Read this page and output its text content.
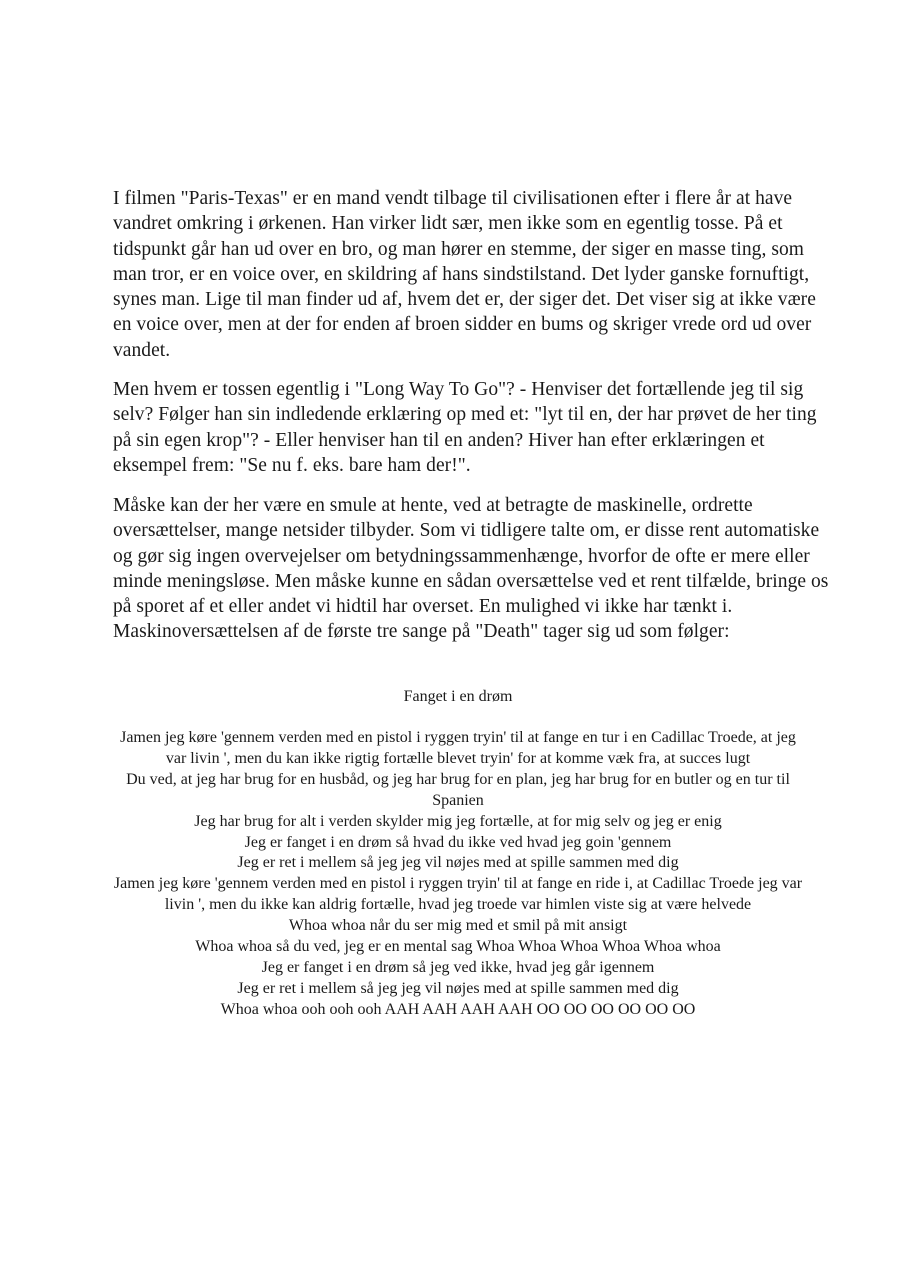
I filmen "Paris-Texas" er en mand vendt tilbage til civilisationen efter i flere år at have vandret omkring i ørkenen. Han virker lidt sær, men ikke som en egentlig tosse. På et tidspunkt går han ud over en bro, og man hører en stemme, der siger en masse ting, som man tror, er en voice over, en skildring af hans sindstilstand. Det lyder ganske fornuftigt, synes man. Lige til man finder ud af, hvem det er, der siger det. Det viser sig at ikke være en voice over, men at der for enden af broen sidder en bums og skriger vrede ord ud over vandet.

Men hvem er tossen egentlig i "Long Way To Go"? - Henviser det fortællende jeg til sig selv? Følger han sin indledende erklæring op med et: "lyt til en, der har prøvet de her ting på sin egen krop"? - Eller henviser han til en anden? Hiver han efter erklæringen et eksempel frem: "Se nu f. eks. bare ham der!".

Måske kan der her være en smule at hente, ved at betragte de maskinelle, ordrette oversættelser, mange netsider tilbyder. Som vi tidligere talte om, er disse rent automatiske og gør sig ingen overvejelser om betydningssammenhænge, hvorfor de ofte er mere eller minde meningsløse. Men måske kunne en sådan oversættelse ved et rent tilfælde, bringe os på sporet af et eller andet vi hidtil har overset. En mulighed vi ikke har tænkt i. Maskinoversættelsen af de første tre sange på "Death" tager sig ud som følger:

Fanget i en drøm
Jamen jeg køre 'gennem verden med en pistol i ryggen tryin' til at fange en tur i en Cadillac Troede, at jeg var livin ', men du kan ikke rigtig fortælle blevet tryin' for at komme væk fra, at succes lugt
Du ved, at jeg har brug for en husbåd, og jeg har brug for en plan, jeg har brug for en butler og en tur til Spanien
Jeg har brug for alt i verden skylder mig jeg fortælle, at for mig selv og jeg er enig
Jeg er fanget i en drøm så hvad du ikke ved hvad jeg goin 'gennem
Jeg er ret i mellem så jeg jeg vil nøjes med at spille sammen med dig
Jamen jeg køre 'gennem verden med en pistol i ryggen tryin' til at fange en ride i, at Cadillac Troede jeg var livin ', men du ikke kan aldrig fortælle, hvad jeg troede var himlen viste sig at være helvede
Whoa whoa når du ser mig med et smil på mit ansigt
Whoa whoa så du ved, jeg er en mental sag Whoa Whoa Whoa Whoa Whoa whoa
Jeg er fanget i en drøm så jeg ved ikke, hvad jeg går igennem
Jeg er ret i mellem så jeg jeg vil nøjes med at spille sammen med dig
Whoa whoa ooh ooh ooh AAH AAH AAH AAH OO OO OO OO OO OO
